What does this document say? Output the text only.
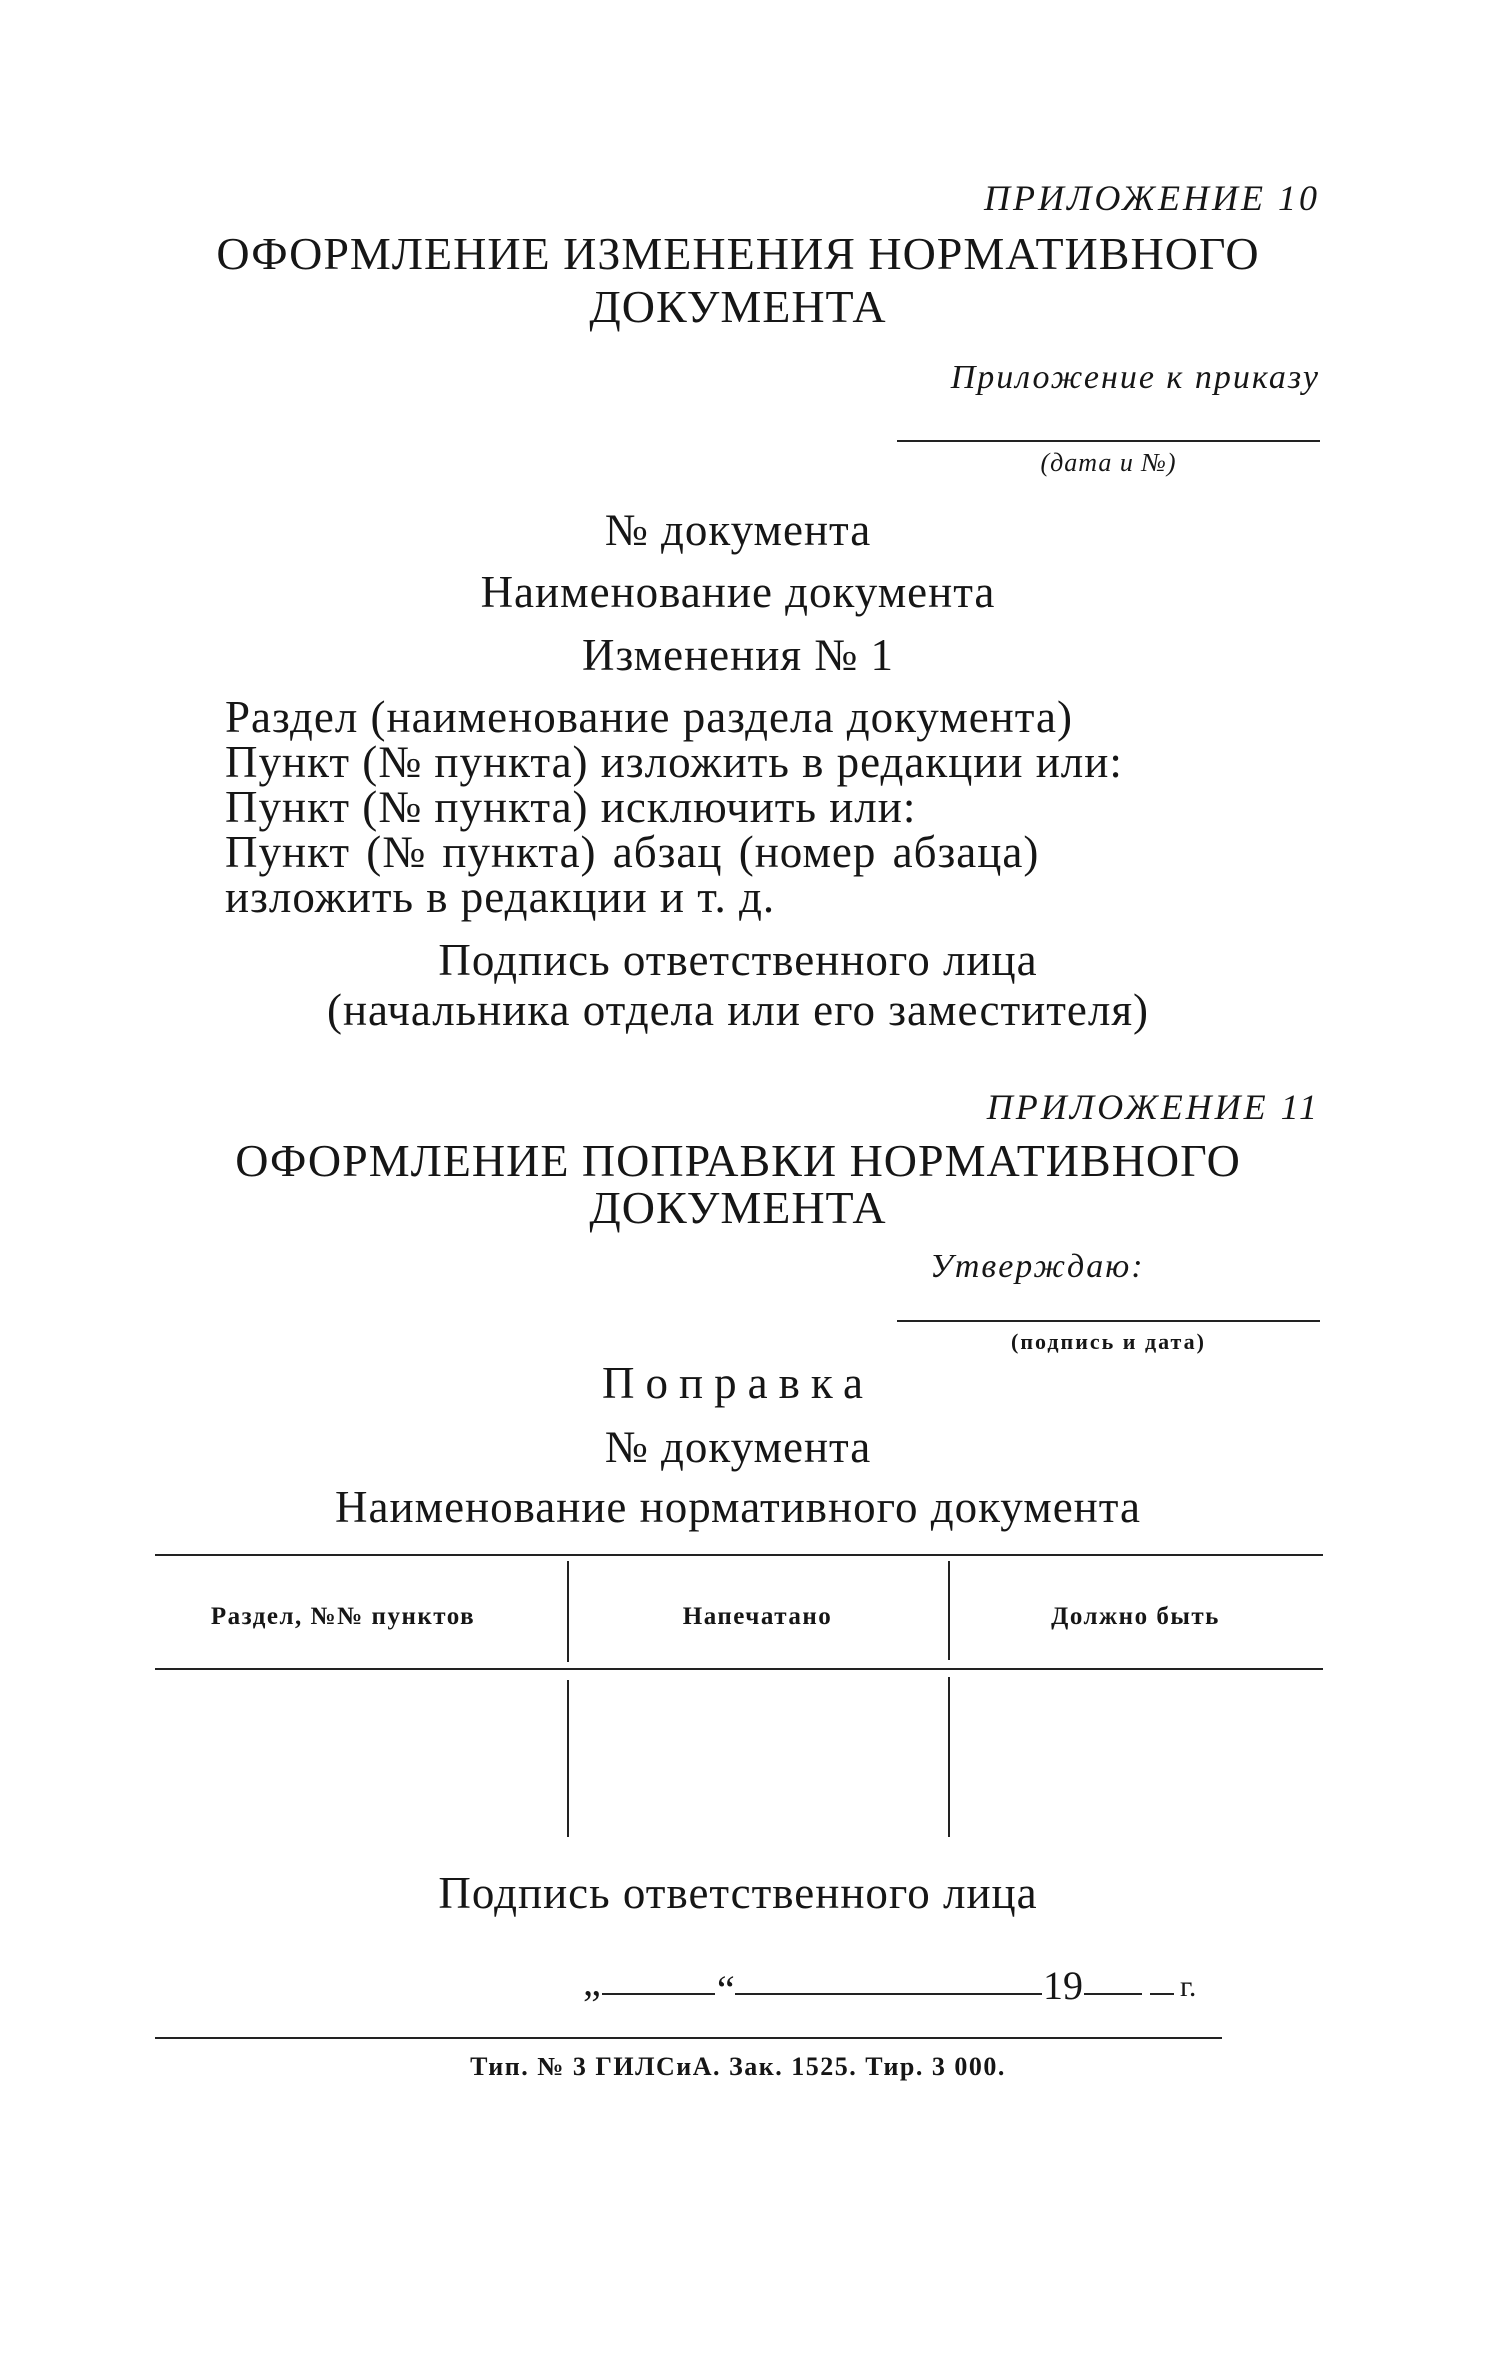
ПРИЛОЖЕНИЕ 10
ОФОРМЛЕНИЕ ИЗМЕНЕНИЯ НОРМАТИВНОГО
ДОКУМЕНТА
Приложение к приказу
(дата и №)
№ документа
Наименование документа
Изменения № 1
Раздел (наименование раздела документа)
Пункт (№ пункта) изложить в редакции или:
Пункт (№ пункта) исключить или:
Пункт (№ пункта) абзац (номер абзаца)
изложить в редакции и т. д.
Подпись ответственного лица
(начальника отдела или его заместителя)
ПРИЛОЖЕНИЕ 11
ОФОРМЛЕНИЕ ПОПРАВКИ НОРМАТИВНОГО
ДОКУМЕНТА
Утверждаю:
(подпись и дата)
Поправка
№ документа
Наименование нормативного документа
Раздел, №№ пунктов	Напечатано	Должно быть
Подпись ответственного лица
„	“	19	г.
Тип. № 3 ГИЛСиА. Зак. 1525. Тир. 3 000.
